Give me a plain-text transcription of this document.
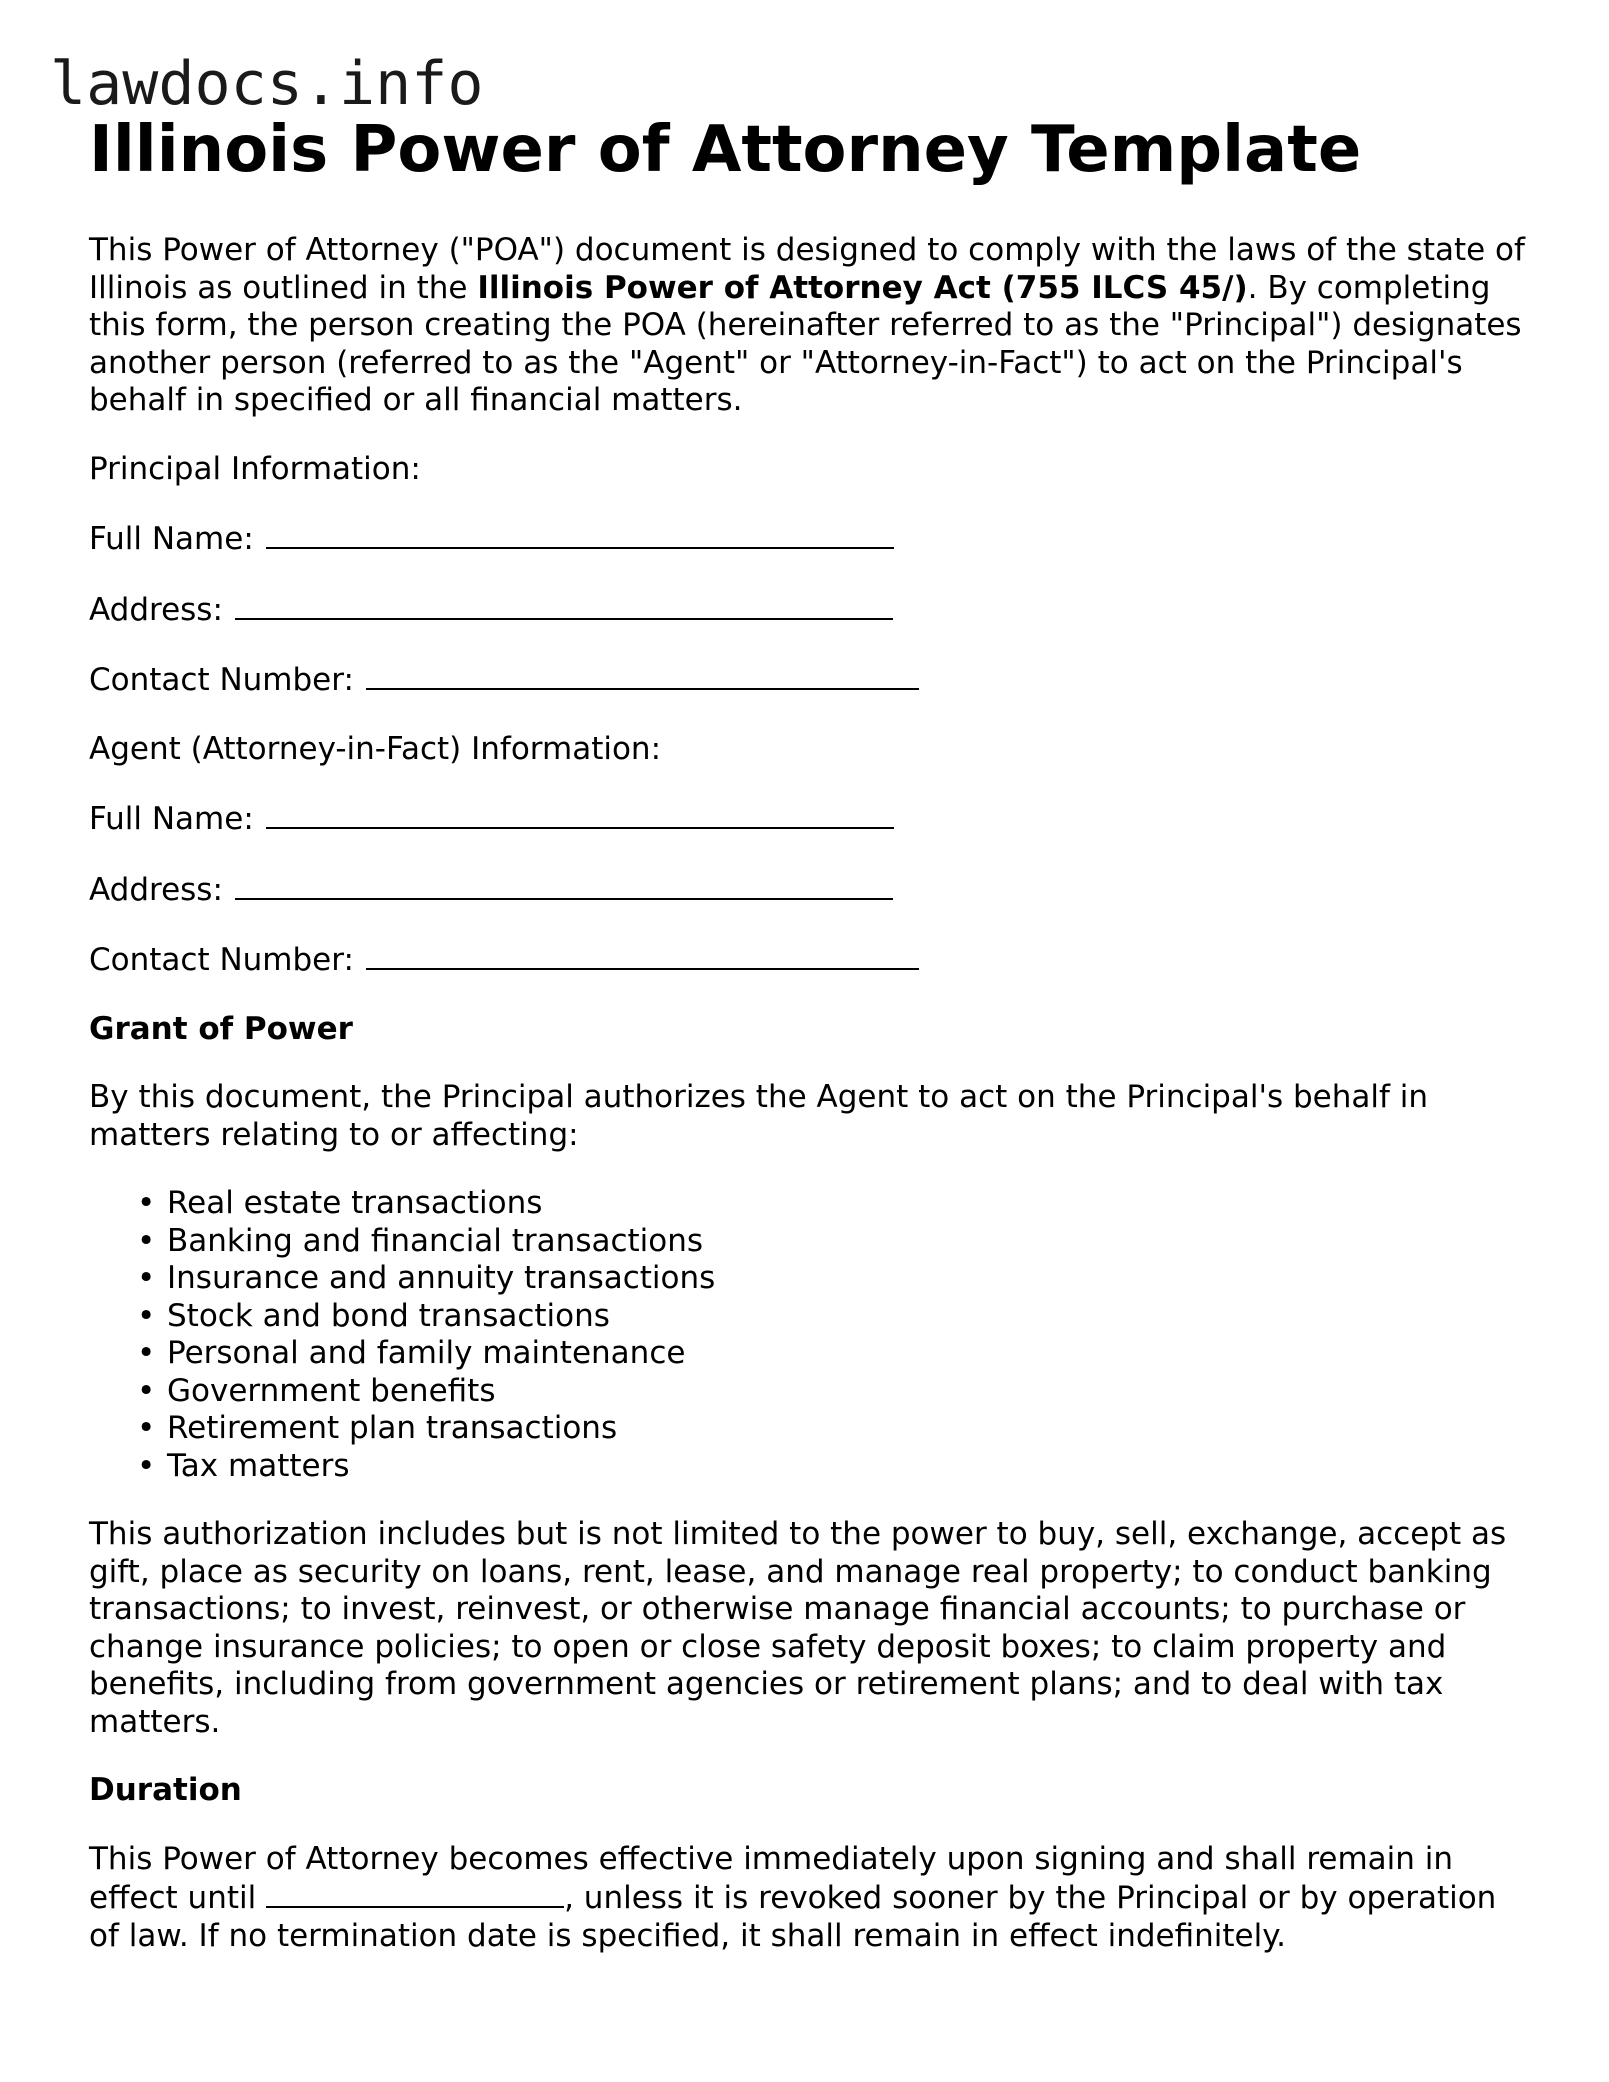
lawdocs.info
Illinois Power of Attorney Template

This Power of Attorney ("POA") document is designed to comply with the laws of the state of Illinois as outlined in the Illinois Power of Attorney Act (755 ILCS 45/). By completing this form, the person creating the POA (hereinafter referred to as the "Principal") designates another person (referred to as the "Agent" or "Attorney-in-Fact") to act on the Principal's behalf in specified or all financial matters.

Principal Information:
Full Name:
Address:
Contact Number:
Agent (Attorney-in-Fact) Information:
Full Name:
Address:
Contact Number:
Grant of Power

By this document, the Principal authorizes the Agent to act on the Principal's behalf in matters relating to or affecting:

• Real estate transactions
• Banking and financial transactions
• Insurance and annuity transactions
• Stock and bond transactions
• Personal and family maintenance
• Government benefits
• Retirement plan transactions
• Tax matters

This authorization includes but is not limited to the power to buy, sell, exchange, accept as gift, place as security on loans, rent, lease, and manage real property; to conduct banking transactions; to invest, reinvest, or otherwise manage financial accounts; to purchase or change insurance policies; to open or close safety deposit boxes; to claim property and benefits, including from government agencies or retirement plans; and to deal with tax matters.

Duration

This Power of Attorney becomes effective immediately upon signing and shall remain in effect until	, unless it is revoked sooner by the Principal or by operation of law. If no termination date is specified, it shall remain in effect indefinitely.
